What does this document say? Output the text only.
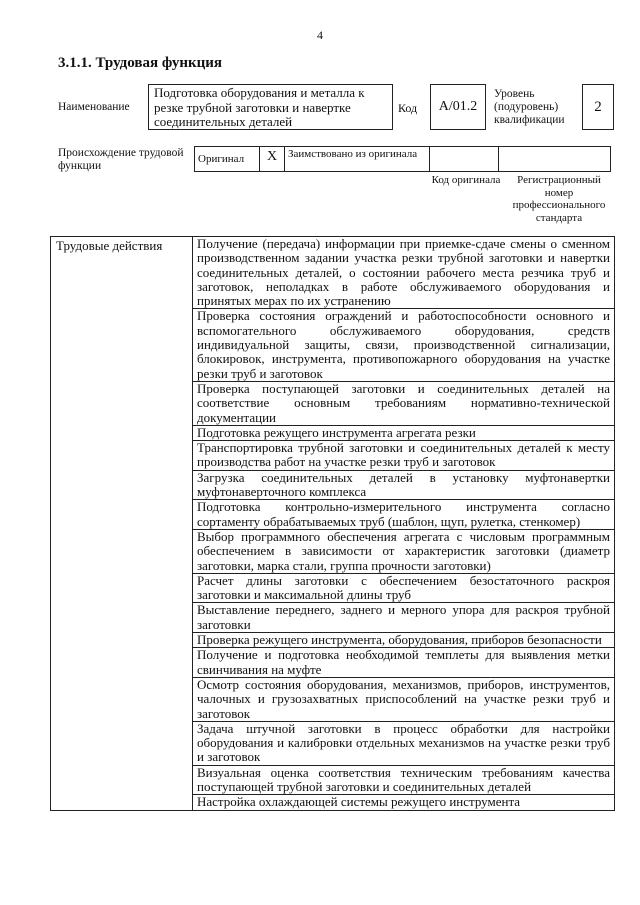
4
3.1.1. Трудовая функция
Наименование
Подготовка оборудования и металла к резке трубной заготовки и навертке соединительных деталей
Код	А/01.2
Уровень (подуровень) квалификации
2
Происхождение трудовой функции
Оригинал	Х	Заимствовано из оригинала		
Код оригинала	Регистрационный номер профессионального стандарта
Трудовые действия	Получение (передача) информации при приемке-сдаче смены о сменном производственном задании участка резки трубной заготовки и навертки соединительных деталей, о состоянии рабочего места резчика труб и заготовок, неполадках в работе обслуживаемого оборудования и принятых мерах по их устранению
Проверка состояния ограждений и работоспособности основного и вспомогательного обслуживаемого оборудования, средств индивидуальной защиты, связи, производственной сигнализации, блокировок, инструмента, противопожарного оборудования на участке резки труб и заготовок
Проверка поступающей заготовки и соединительных деталей на соответствие основным требованиям нормативно-технической документации
Подготовка режущего инструмента агрегата резки
Транспортировка трубной заготовки и соединительных деталей к месту производства работ на участке резки труб и заготовок
Загрузка соединительных деталей в установку муфтонавертки муфтонаверточного комплекса
Подготовка контрольно-измерительного инструмента согласно сортаменту обрабатываемых труб (шаблон, щуп, рулетка, стенкомер)
Выбор программного обеспечения агрегата с числовым программным обеспечением в зависимости от характеристик заготовки (диаметр заготовки, марка стали, группа прочности заготовки)
Расчет длины заготовки с обеспечением безостаточного раскроя заготовки и максимальной длины труб
Выставление переднего, заднего и мерного упора для раскроя трубной заготовки
Проверка режущего инструмента, оборудования, приборов безопасности
Получение и подготовка необходимой темплеты для выявления метки свинчивания на муфте
Осмотр состояния оборудования, механизмов, приборов, инструментов, чалочных и грузозахватных приспособлений на участке резки труб и заготовок
Задача штучной заготовки в процесс обработки для настройки оборудования и калибровки отдельных механизмов на участке резки труб и заготовок
Визуальная оценка соответствия техническим требованиям качества поступающей трубной заготовки и соединительных деталей
Настройка охлаждающей системы режущего инструмента
